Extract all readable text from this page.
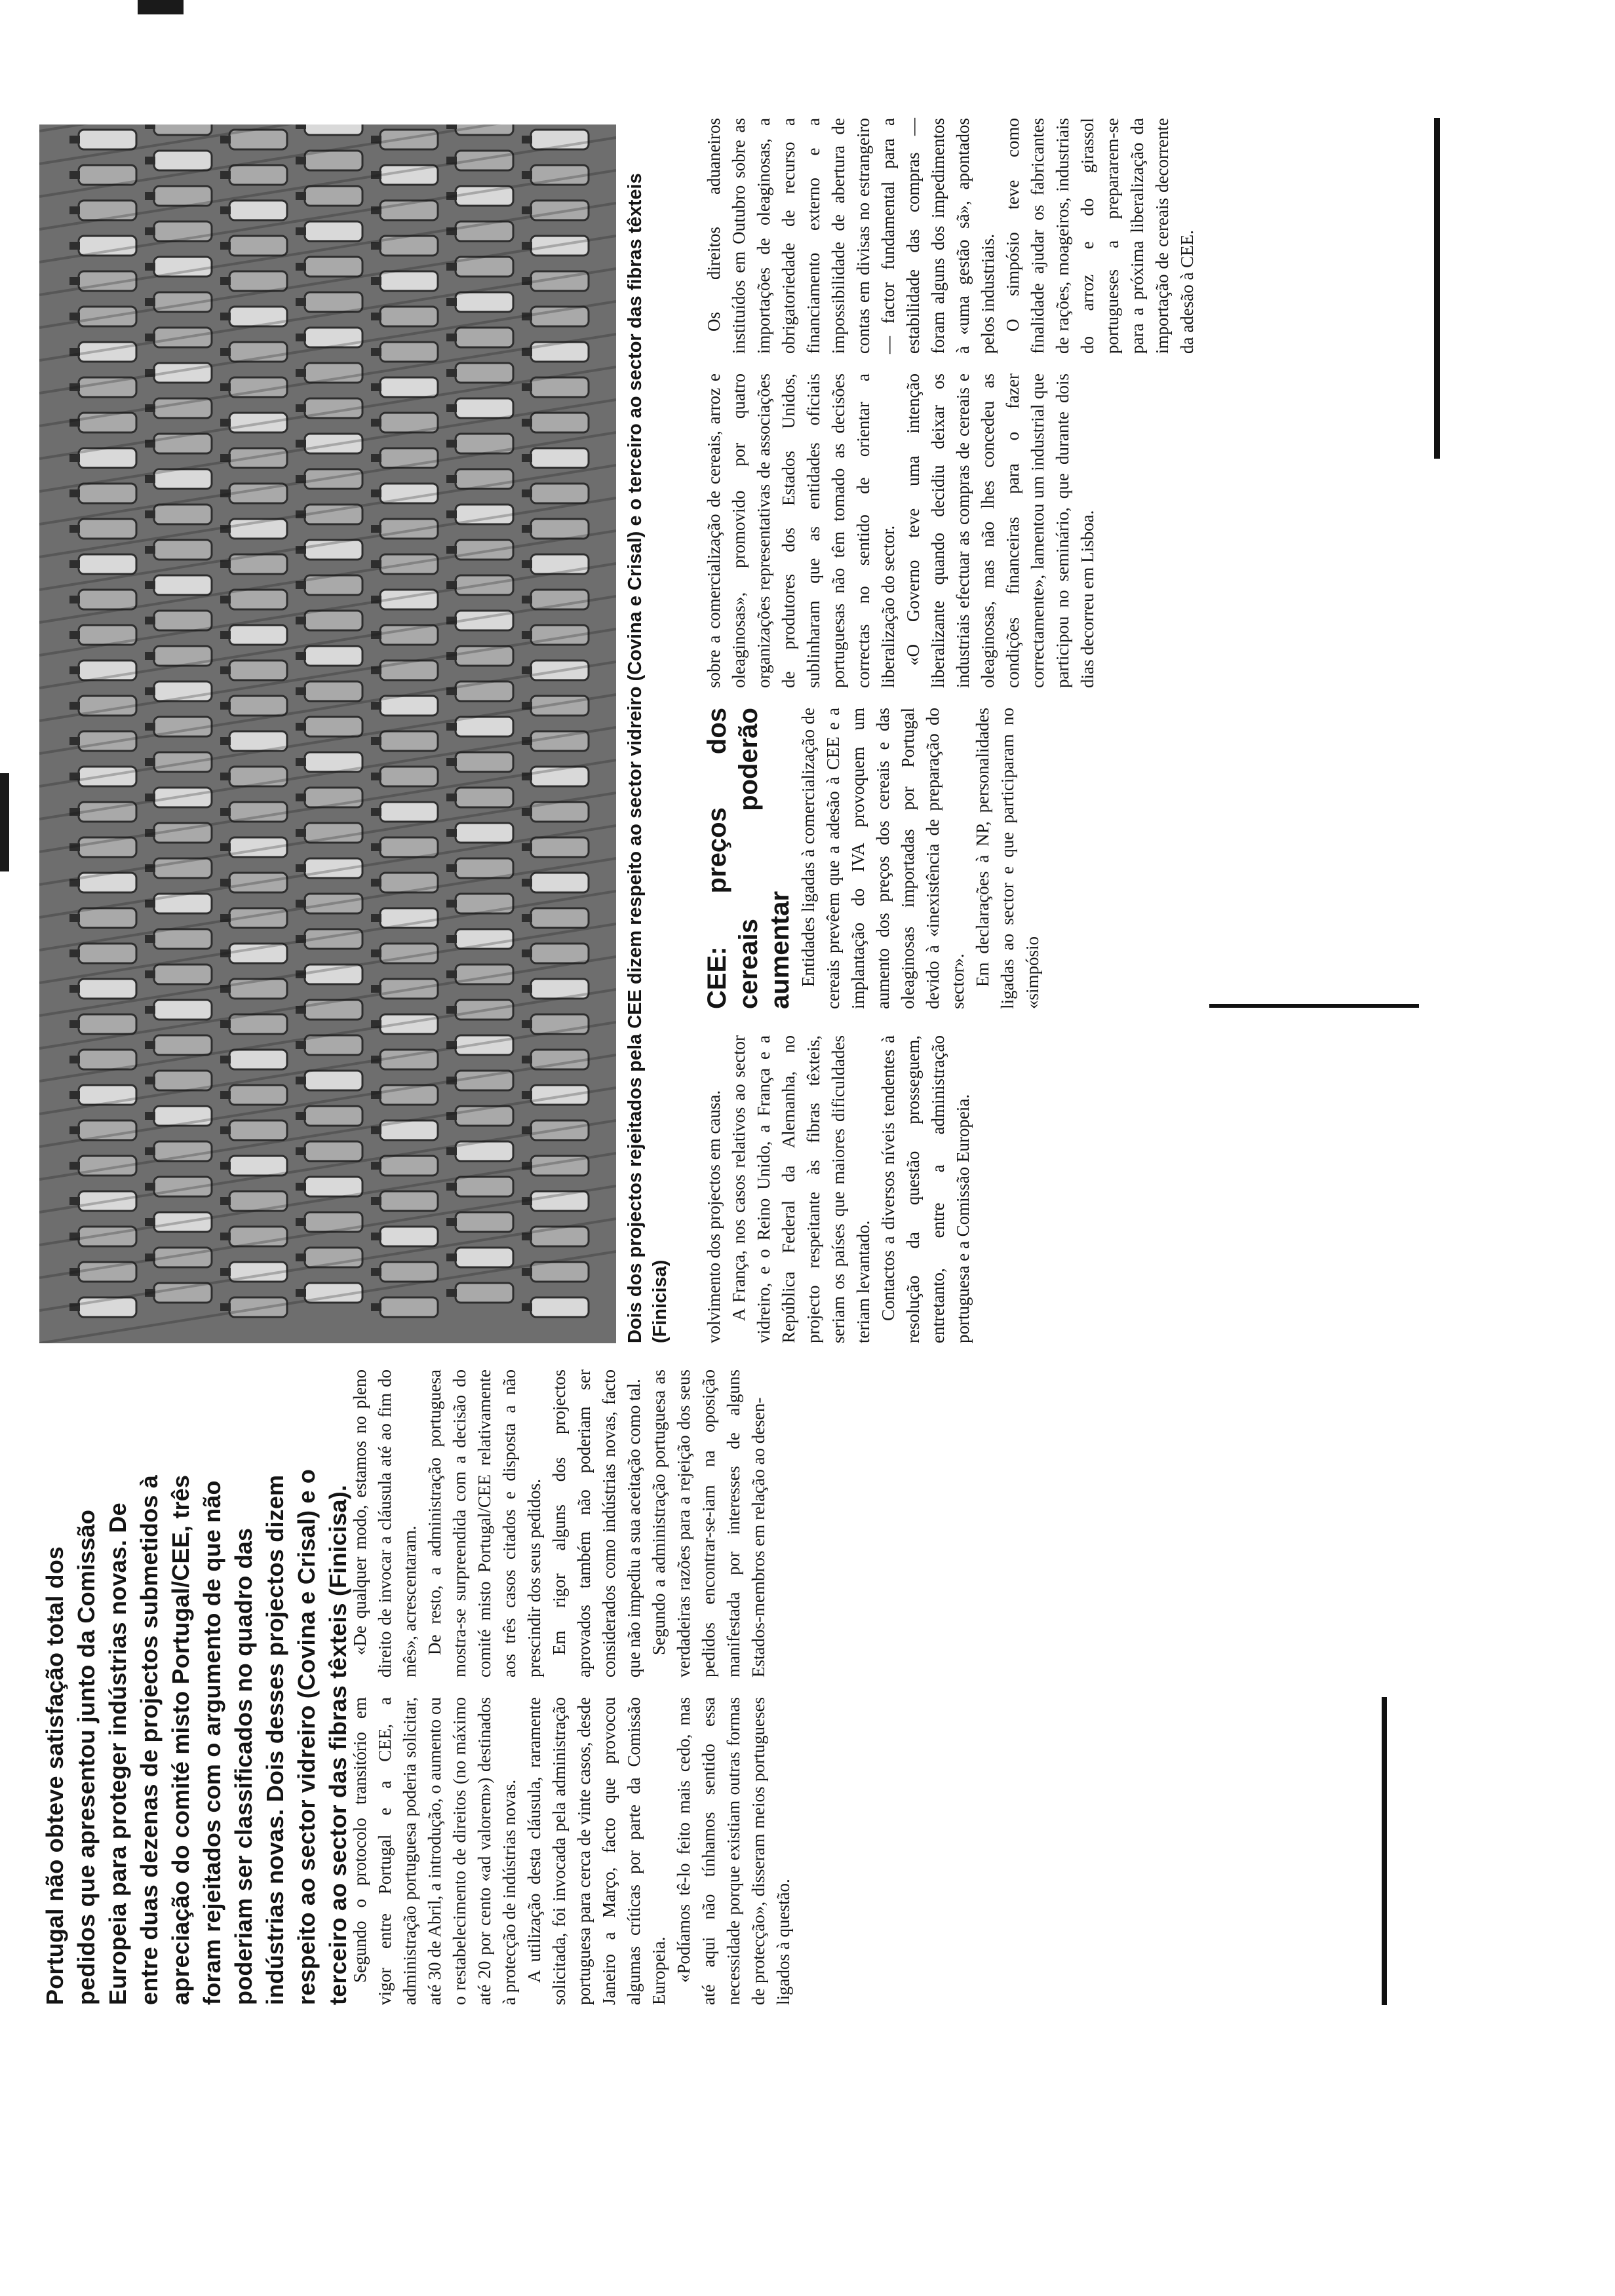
Portugal não obteve satisfação total dos pedidos que apresentou junto da Comissão Europeia para proteger indústrias novas. De entre duas dezenas de projectos submetidos à apreciação do comité misto Portugal/CEE, três foram rejeitados com o argumento de que não poderiam ser classificados no quadro das indústrias novas. Dois desses projectos dizem respeito ao sector vidreiro (Covina e Crisal) e o terceiro ao sector das fibras têxteis (Finicisa).

Segundo o protocolo transitório em vigor entre Portugal e a CEE, a administração portuguesa poderia solicitar, até 30 de Abril, a introdução, o aumento ou o restabelecimento de direitos (no máximo até 20 por cento «ad valorem») destinados à protecção de indústrias novas. A utilização desta cláusula, raramente solicitada, foi invocada pela administração portuguesa para cerca de vinte casos, desde Janeiro a Março, facto que provocou algumas críticas por parte da Comissão Europeia. «Podíamos tê-lo feito mais cedo, mas até aqui não tínhamos sentido essa necessidade porque existiam outras formas de protecção», disseram meios portugueses ligados à questão.

«De qualquer modo, estamos no pleno direito de invocar a cláusula até ao fim do mês», acrescentaram. De resto, a administração portuguesa mostra-se surpreendida com a decisão do comité misto Portugal/CEE relativamente aos três casos citados e disposta a não prescindir dos seus pedidos. Em rigor alguns dos projectos aprovados também não poderiam ser considerados como indústrias novas, facto que não impediu a sua aceitação como tal. Segundo a administração portuguesa as verdadeiras razões para a rejeição dos seus pedidos encontrar-se-iam na oposição manifestada por interesses de alguns Estados-membros em relação ao desen-

Dois dos projectos rejeitados pela CEE dizem respeito ao sector vidreiro (Covina e Crisal) e o terceiro ao sector das fibras têxteis (Finicisa) volvimento dos projectos em causa. A França, nos casos relativos ao sector vidreiro, e o Reino Unido, a França e a República Federal da Alemanha, no projecto respeitante às fibras têxteis, seriam os países que maiores dificuldades teriam levantado. Contactos a diversos níveis tendentes à resolução da questão prosseguem, entretanto, entre a administração portuguesa e a Comissão Europeia.

CEE: preços dos cereais poderão aumentar Entidades ligadas à comercialização de cereais prevêem que a adesão à CEE e a implantação do IVA provoquem um aumento dos preços dos cereais e das oleaginosas importadas por Portugal devido à «inexistência de preparação do sector». Em declarações à NP, personalidades ligadas ao sector e que participaram no «simpósio

sobre a comercialização de cereais, arroz e oleaginosas», promovido por quatro organizações representativas de associações de produtores dos Estados Unidos, sublinharam que as entidades oficiais portuguesas não têm tomado as decisões correctas no sentido de orientar a liberalização do sector. «O Governo teve uma intenção liberalizante quando decidiu deixar os industriais efectuar as compras de cereais e oleaginosas, mas não lhes concedeu as condições financeiras para o fazer correctamente», lamentou um industrial que participou no seminário, que durante dois dias decorreu em Lisboa.

Os direitos aduaneiros instituídos em Outubro sobre as importações de oleaginosas, a obrigatoriedade de recurso a financiamento externo e a impossibilidade de abertura de contas em divisas no estrangeiro — factor fundamental para a estabilidade das compras — foram alguns dos impedimentos à «uma gestão sã», apontados pelos industriais. O simpósio teve como finalidade ajudar os fabricantes de rações, moageiros, industriais do arroz e do girassol portugueses a prepararem-se para a próxima liberalização da importação de cereais decorrente da adesão à CEE.
